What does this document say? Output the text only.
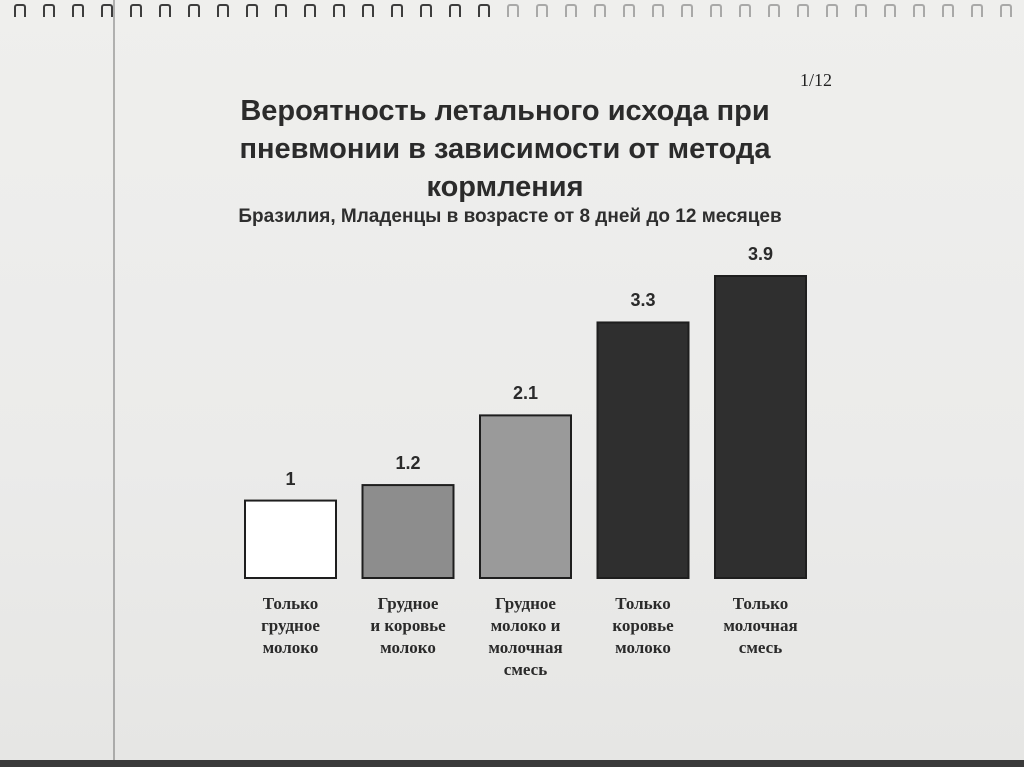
1/12
Вероятность летального исхода при
пневмонии в зависимости от метода
кормления
Бразилия, Младенцы в возрасте от 8 дней до 12 месяцев
1
Только
грудное
молоко
1.2
Грудное
и коровье
молоко
2.1
Грудное
молоко и
молочная
смесь
3.3
Только
коровье
молоко
3.9
Только
молочная
смесь
